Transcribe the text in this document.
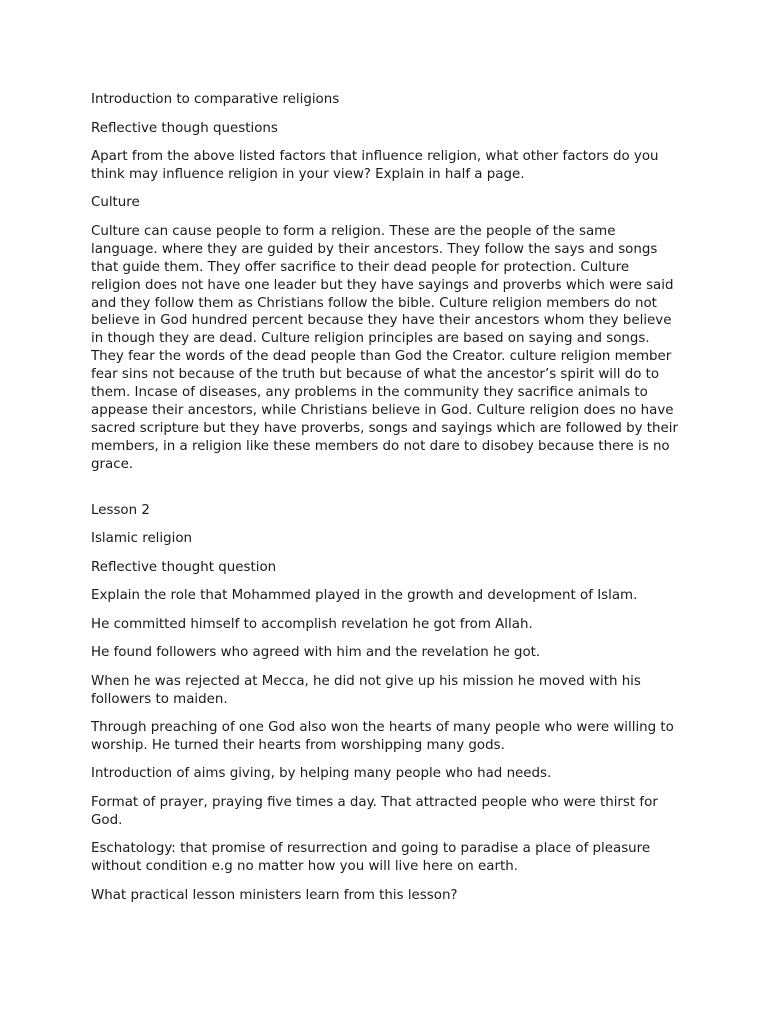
Introduction to comparative religions

Reflective though questions

Apart from the above listed factors that influence religion, what other factors do you think may influence religion in your view? Explain in half a page.

Culture

Culture can cause people to form a religion. These are the people of the same language. where they are guided by their ancestors. They follow the says and songs that guide them. They offer sacrifice to their dead people for protection. Culture religion does not have one leader but they have sayings and proverbs which were said and they follow them as Christians follow the bible. Culture religion members do not believe in God hundred percent because they have their ancestors whom they believe in though they are dead. Culture religion principles are based on saying and songs. They fear the words of the dead people than God the Creator. culture religion member fear sins not because of the truth but because of what the ancestor’s spirit will do to them. Incase of diseases, any problems in the community they sacrifice animals to appease their ancestors, while Christians believe in God. Culture religion does no have sacred scripture but they have proverbs, songs and sayings which are followed by their members, in a religion like these members do not dare to disobey because there is no grace.

Lesson 2

Islamic religion

Reflective thought question

Explain the role that Mohammed played in the growth and development of Islam.

He committed himself to accomplish revelation he got from Allah.

He found followers who agreed with him and the revelation he got.

When he was rejected at Mecca, he did not give up his mission he moved with his followers to maiden.

Through preaching of one God also won the hearts of many people who were willing to worship. He turned their hearts from worshipping many gods.

Introduction of aims giving, by helping many people who had needs.

Format of prayer, praying five times a day. That attracted people who were thirst for God.

Eschatology: that promise of resurrection and going to paradise a place of pleasure without condition e.g no matter how you will live here on earth.

What practical lesson ministers learn from this lesson?
